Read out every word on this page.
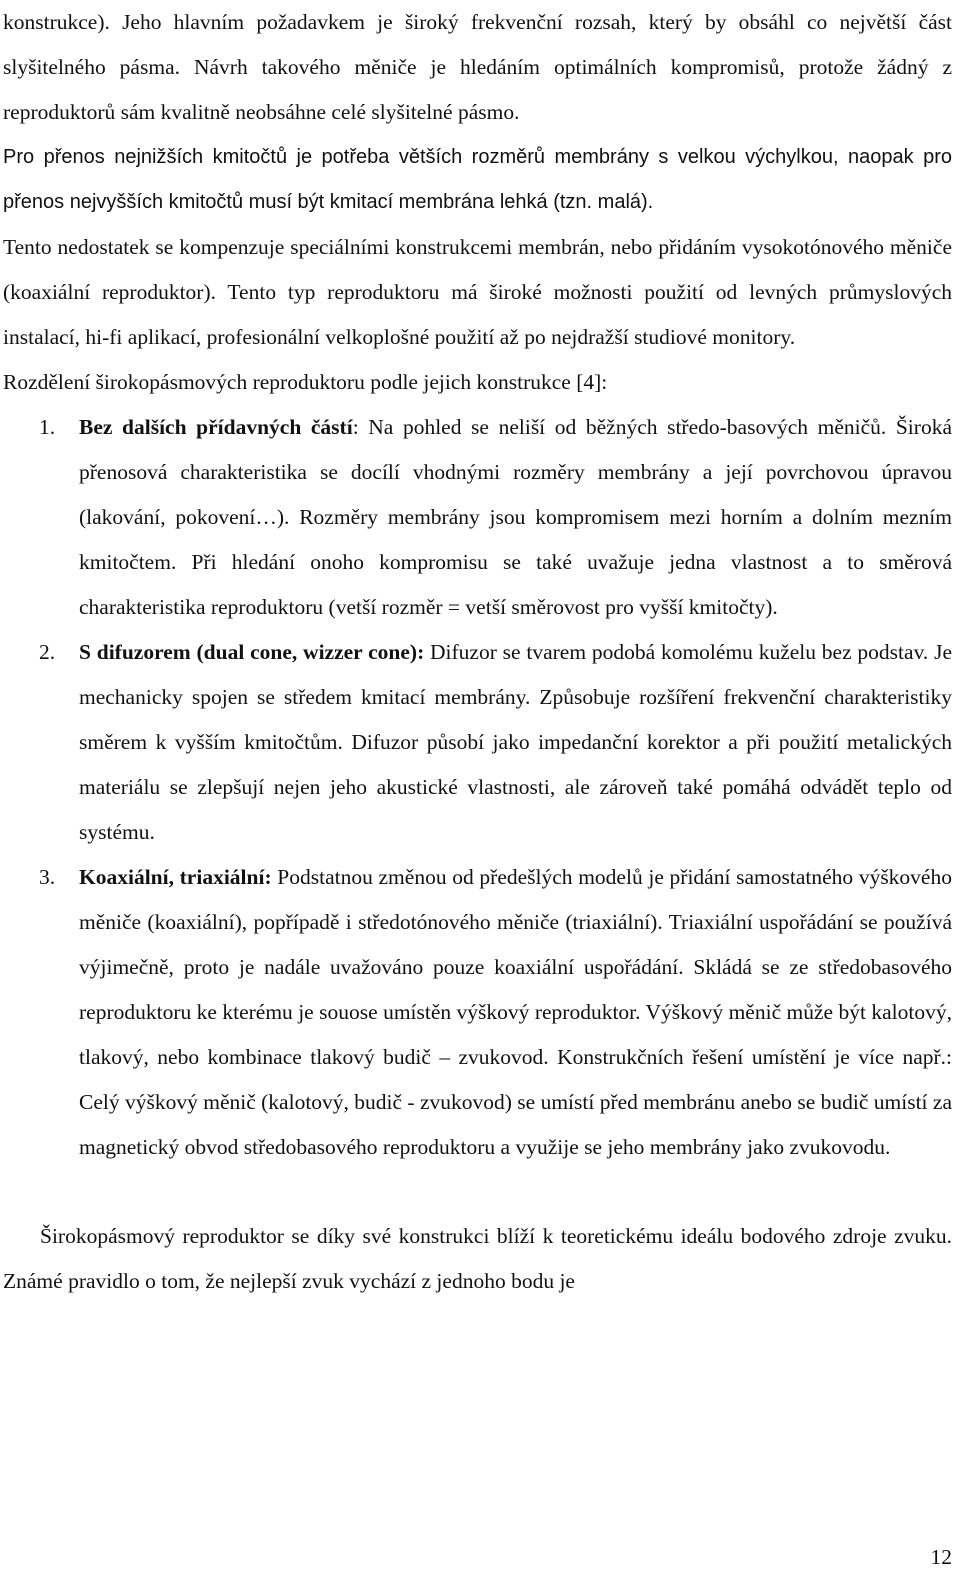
konstrukce). Jeho hlavním požadavkem je široký frekvenční rozsah, který by obsáhl co největší část slyšitelného pásma. Návrh takového měniče je hledáním optimálních kompromisů, protože žádný z reproduktorů sám kvalitně neobsáhne celé slyšitelné pásmo.

Pro přenos nejnižších kmitočtů je potřeba větších rozměrů membrány s velkou výchylkou, naopak pro přenos nejvyšších kmitočtů musí být kmitací membrána lehká (tzn. malá).

Tento nedostatek se kompenzuje speciálními konstrukcemi membrán, nebo přidáním vysokotónového měniče (koaxiální reproduktor). Tento typ reproduktoru má široké možnosti použití od levných průmyslových instalací, hi-fi aplikací, profesionální velkoplošné použití až po nejdražší studiové monitory.

Rozdělení širokopásmových reproduktoru podle jejich konstrukce [4]:

1. Bez dalších přídavných částí: Na pohled se neliší od běžných středo-basových měničů. Široká přenosová charakteristika se docílí vhodnými rozměry membrány a její povrchovou úpravou (lakování, pokovení…). Rozměry membrány jsou kompromisem mezi horním a dolním mezním kmitočtem. Při hledání onoho kompromisu se také uvažuje jedna vlastnost a to směrová charakteristika reproduktoru (vetší rozměr = vetší směrovost pro vyšší kmitočty).
2. S difuzorem (dual cone, wizzer cone): Difuzor se tvarem podobá komolému kuželu bez podstav. Je mechanicky spojen se středem kmitací membrány. Způsobuje rozšíření frekvenční charakteristiky směrem k vyšším kmitočtům. Difuzor působí jako impedanční korektor a při použití metalických materiálu se zlepšují nejen jeho akustické vlastnosti, ale zároveň také pomáhá odvádět teplo od systému.
3. Koaxiální, triaxiální: Podstatnou změnou od předešlých modelů je přidání samostatného výškového měniče (koaxiální), popřípadě i středotónového měniče (triaxiální). Triaxiální uspořádání se používá výjimečně, proto je nadále uvažováno pouze koaxiální uspořádání. Skládá se ze středobasového reproduktoru ke kterému je souose umístěn výškový reproduktor. Výškový měnič může být kalotový, tlakový, nebo kombinace tlakový budič – zvukovod. Konstrukčních řešení umístění je více např.: Celý výškový měnič (kalotový, budič - zvukovod) se umístí před membránu anebo se budič umístí za magnetický obvod středobasového reproduktoru a využije se jeho membrány jako zvukovodu.

Širokopásmový reproduktor se díky své konstrukci blíží k teoretickému ideálu bodového zdroje zvuku. Známé pravidlo o tom, že nejlepší zvuk vychází z jednoho bodu je

12
